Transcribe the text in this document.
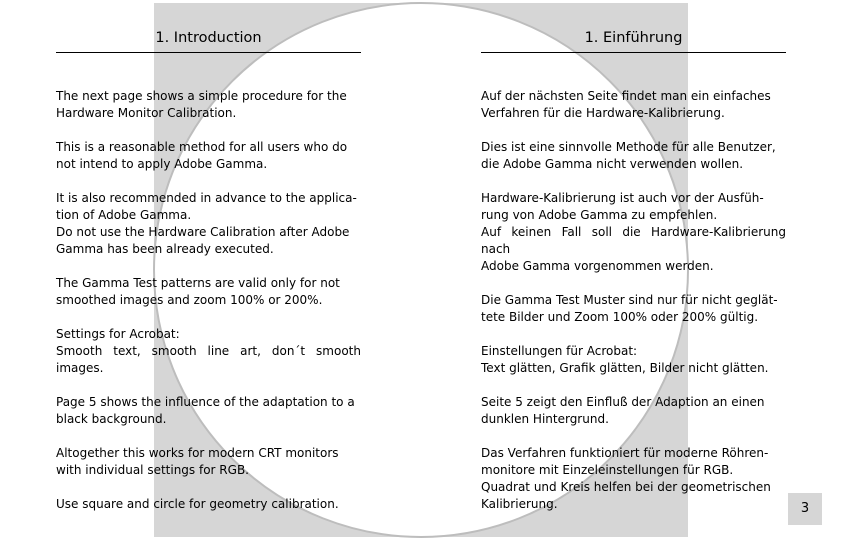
1. Introduction

The next page shows a simple procedure for the
Hardware Monitor Calibration.

This is a reasonable method for all users who do
not intend to apply Adobe Gamma.

It is also recommended in advance to the applica-
tion of Adobe Gamma.
Do not use the Hardware Calibration after Adobe
Gamma has been already executed.

The Gamma Test patterns are valid only for not
smoothed images and zoom 100% or 200%.

Settings for Acrobat:
Smooth text, smooth line art, don´t smooth images.

Page 5 shows the influence of the adaptation to a
black background.

Altogether this works for modern CRT monitors
with individual settings for RGB.

Use square and circle for geometry calibration.

1. Einführung

Auf der nächsten Seite findet man ein einfaches
Verfahren für die Hardware-Kalibrierung.

Dies ist eine sinnvolle Methode für alle Benutzer,
die Adobe Gamma nicht verwenden wollen.

Hardware-Kalibrierung ist auch vor der Ausfüh-
rung von Adobe Gamma zu empfehlen.
Auf keinen Fall soll die Hardware-Kalibrierung nach
Adobe Gamma vorgenommen werden.

Die Gamma Test Muster sind nur für nicht geglät-
tete Bilder und Zoom 100% oder 200% gültig.

Einstellungen für Acrobat:
Text glätten, Grafik glätten, Bilder nicht glätten.

Seite 5 zeigt den Einfluß der Adaption an einen
dunklen Hintergrund.

Das Verfahren funktioniert für moderne Röhren-
monitore mit Einzeleinstellungen für RGB.
Quadrat und Kreis helfen bei der geometrischen
Kalibrierung.	3
